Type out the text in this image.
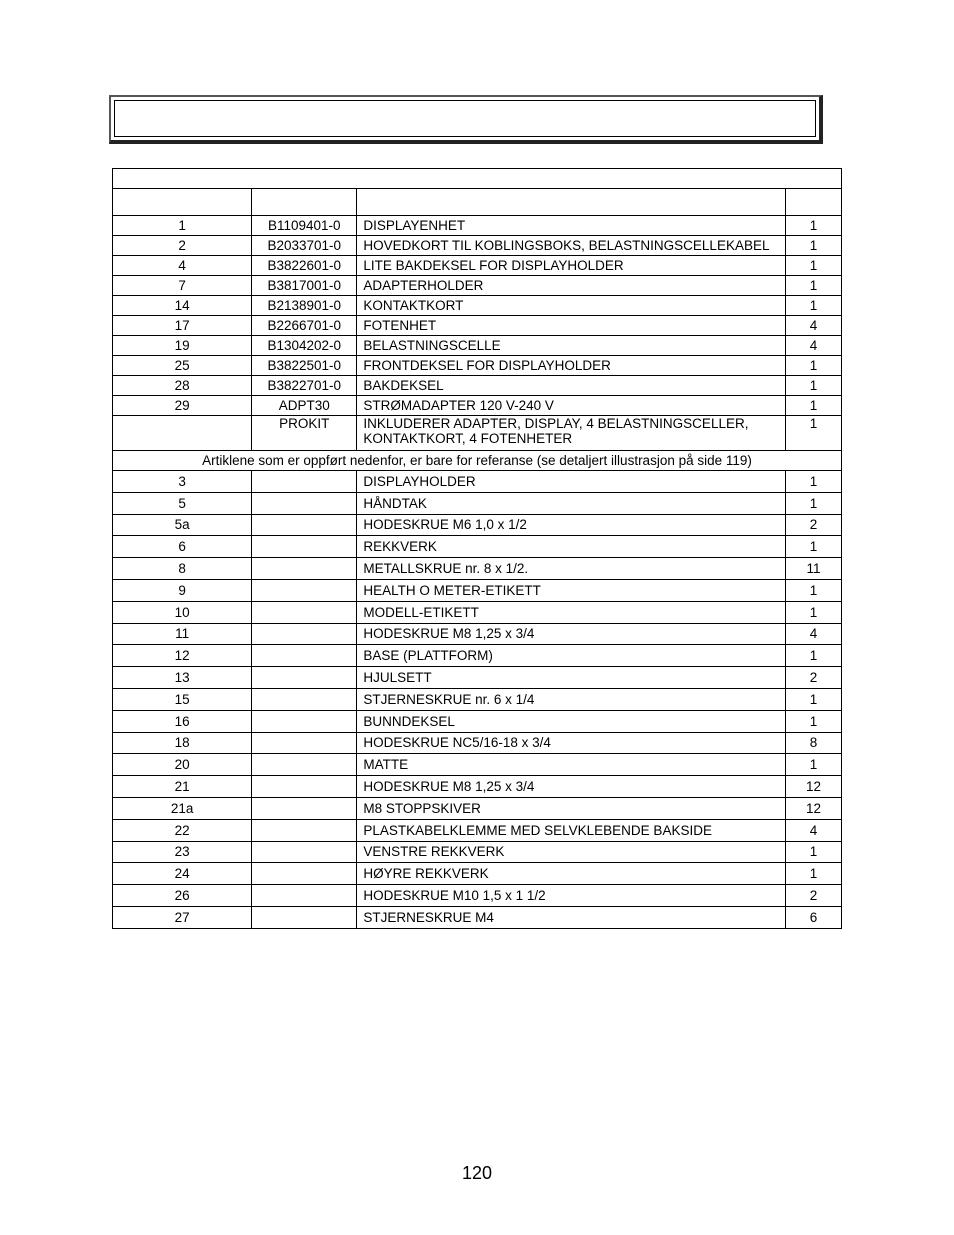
1	B1109401-0	DISPLAYENHET	1
2	B2033701-0	HOVEDKORT TIL KOBLINGSBOKS, BELASTNINGSCELLEKABEL	1
4	B3822601-0	LITE BAKDEKSEL FOR DISPLAYHOLDER	1
7	B3817001-0	ADAPTERHOLDER	1
14	B2138901-0	KONTAKTKORT	1
17	B2266701-0	FOTENHET	4
19	B1304202-0	BELASTNINGSCELLE	4
25	B3822501-0	FRONTDEKSEL FOR DISPLAYHOLDER	1
28	B3822701-0	BAKDEKSEL	1
29	ADPT30	STRØMADAPTER 120 V-240 V	1
	PROKIT	INKLUDERER ADAPTER, DISPLAY, 4 BELASTNINGSCELLER,
KONTAKTKORT, 4 FOTENHETER	1
Artiklene som er oppført nedenfor, er bare for referanse (se detaljert illustrasjon på side 119)			
3		DISPLAYHOLDER	1
5		HÅNDTAK	1
5a		HODESKRUE M6 1,0 x 1/2	2
6		REKKVERK	1
8		METALLSKRUE nr. 8 x 1/2.	11
9		HEALTH O METER-ETIKETT	1
10		MODELL-ETIKETT	1
11		HODESKRUE M8 1,25 x 3/4	4
12		BASE (PLATTFORM)	1
13		HJULSETT	2
15		STJERNESKRUE nr. 6 x 1/4	1
16		BUNNDEKSEL	1
18		HODESKRUE NC5/16-18 x 3/4	8
20		MATTE	1
21		HODESKRUE M8 1,25 x 3/4	12
21a		M8 STOPPSKIVER	12
22		PLASTKABELKLEMME MED SELVKLEBENDE BAKSIDE	4
23		VENSTRE REKKVERK	1
24		HØYRE REKKVERK	1
26		HODESKRUE M10 1,5 x 1 1/2	2
27		STJERNESKRUE M4	6
120
